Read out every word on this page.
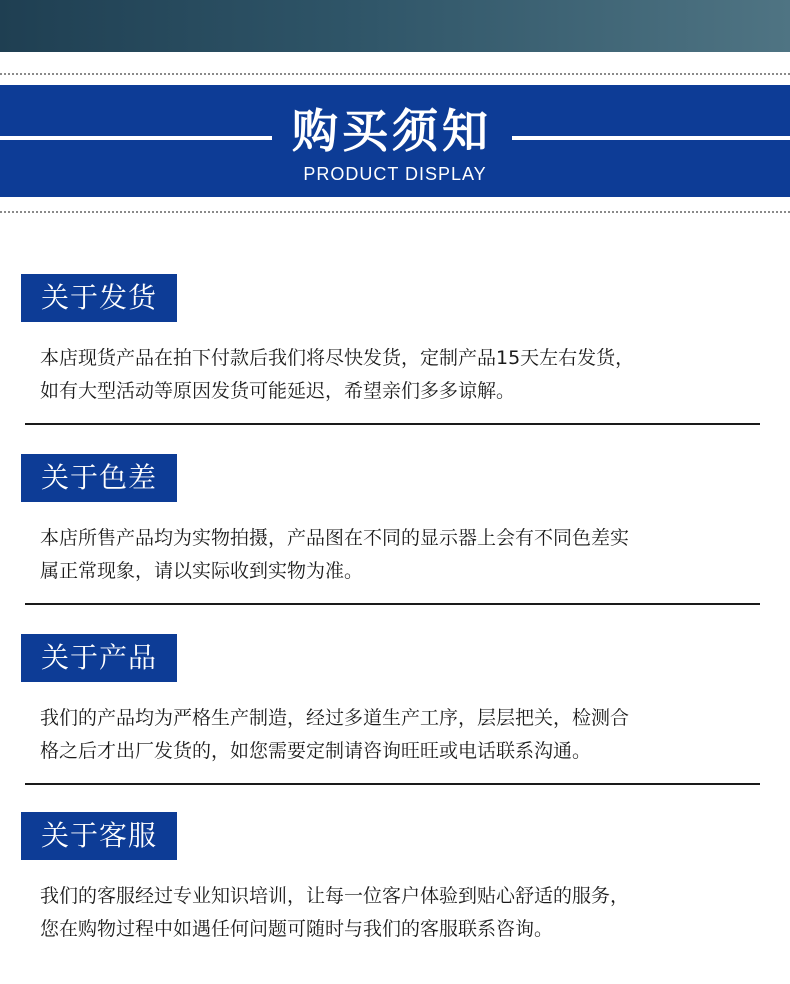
购买须知
PRODUCT DISPLAY
关于发货
本店现货产品在拍下付款后我们将尽快发货，定制产品15天左右发货，
如有大型活动等原因发货可能延迟，希望亲们多多谅解。
关于色差
本店所售产品均为实物拍摄，产品图在不同的显示器上会有不同色差实
属正常现象，请以实际收到实物为准。
关于产品
我们的产品均为严格生产制造，经过多道生产工序，层层把关，检测合
格之后才出厂发货的，如您需要定制请咨询旺旺或电话联系沟通。
关于客服
我们的客服经过专业知识培训，让每一位客户体验到贴心舒适的服务，
您在购物过程中如遇任何问题可随时与我们的客服联系咨询。
